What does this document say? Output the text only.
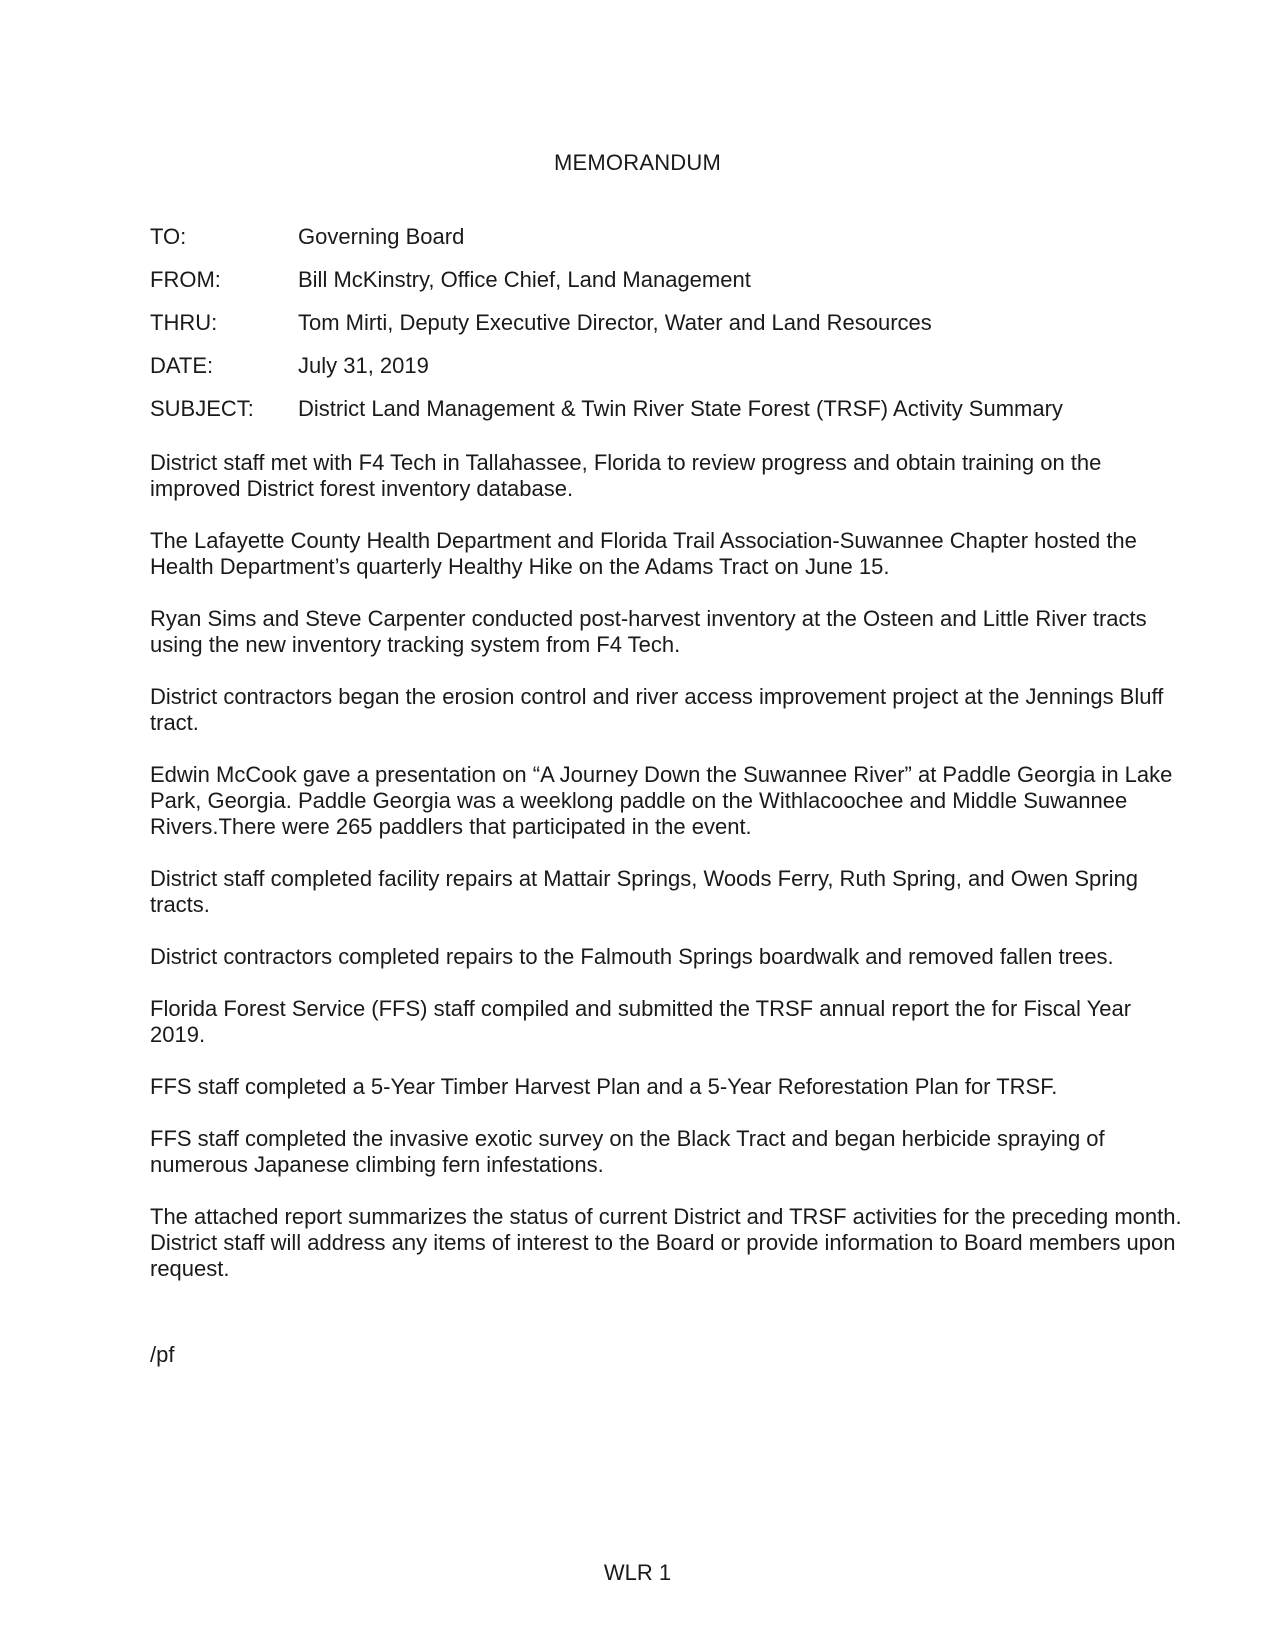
MEMORANDUM
TO:	Governing Board
FROM:	Bill McKinstry, Office Chief, Land Management
THRU:	Tom Mirti, Deputy Executive Director, Water and Land Resources
DATE:	July 31, 2019
SUBJECT:	District Land Management & Twin River State Forest (TRSF) Activity Summary

District staff met with F4 Tech in Tallahassee, Florida to review progress and obtain training on the improved District forest inventory database.

The Lafayette County Health Department and Florida Trail Association-Suwannee Chapter hosted the Health Department’s quarterly Healthy Hike on the Adams Tract on June 15.

Ryan Sims and Steve Carpenter conducted post-harvest inventory at the Osteen and Little River tracts using the new inventory tracking system from F4 Tech.

District contractors began the erosion control and river access improvement project at the Jennings Bluff tract.

Edwin McCook gave a presentation on “A Journey Down the Suwannee River” at Paddle Georgia in Lake Park, Georgia. Paddle Georgia was a weeklong paddle on the Withlacoochee and Middle Suwannee Rivers.There were 265 paddlers that participated in the event.

District staff completed facility repairs at Mattair Springs, Woods Ferry, Ruth Spring, and Owen Spring tracts.

District contractors completed repairs to the Falmouth Springs boardwalk and removed fallen trees.

Florida Forest Service (FFS) staff compiled and submitted the TRSF annual report the for Fiscal Year 2019.

FFS staff completed a 5-Year Timber Harvest Plan and a 5-Year Reforestation Plan for TRSF.

FFS staff completed the invasive exotic survey on the Black Tract and began herbicide spraying of numerous Japanese climbing fern infestations.

The attached report summarizes the status of current District and TRSF activities for the preceding month. District staff will address any items of interest to the Board or provide information to Board members upon request.

/pf
WLR 1
